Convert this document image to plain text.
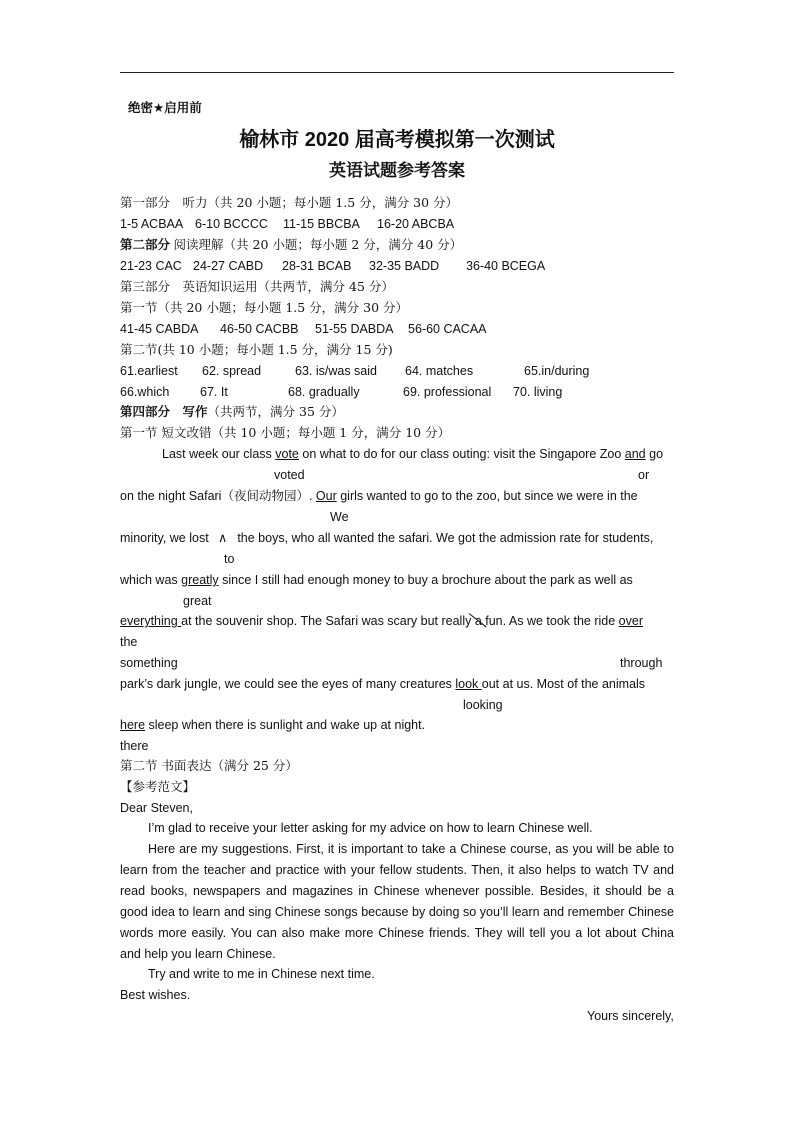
绝密★启用前
榆林市 2020 届高考模拟第一次测试
英语试题参考答案
第一部分　听力（共 20 小题；每小题 1.5 分，满分 30 分）
1-5 ACBAA 6-10 BCCCC 11-15 BBCBA 16-20 ABCBA
第二部分 阅读理解（共 20 小题；每小题 2 分，满分 40 分）
21-23 CAC 24-27 CABD 28-31 BCAB 32-35 BADD 36-40 BCEGA
第三部分　英语知识运用（共两节，满分 45 分）
第一节（共 20 小题；每小题 1.5 分，满分 30 分）
41-45 CABDA 46-50 CACBB 51-55 DABDA 56-60 CACAA
第二节(共 10 小题；每小题 1.5 分，满分 15 分)
61.earliest 62. spread	63. is/was said 64. matches	65.in/during
66.which 67. It	68. gradually	69. professional 70. living
第四部分　写作（共两节，满分 35 分）
第一节 短文改错（共 10 小题；每小题 1 分，满分 10 分）
Last week our class vote on what to do for our class outing: visit the Singapore Zoo and go
voted	or
on the night Safari（夜间动物园）. Our girls wanted to go to the zoo, but since we were in the
We
minority, we lost ∧ the boys, who all wanted the safari. We got the admission rate for students,
to
which was greatly since I still had enough money to buy a brochure about the park as well as
great
everything at the souvenir shop. The Safari was scary but really a fun. As we took the ride over
the
something	through
park’s dark jungle, we could see the eyes of many creatures look out at us. Most of the animals
looking
here sleep when there is sunlight and wake up at night.
there
第二节 书面表达（满分 25 分）
【参考范文】
Dear Steven,

I’m glad to receive your letter asking for my advice on how to learn Chinese well.

Here are my suggestions. First, it is important to take a Chinese course, as you will be able to learn from the teacher and practice with your fellow students. Then, it also helps to watch TV and read books, newspapers and magazines in Chinese whenever possible. Besides, it should be a good idea to learn and sing Chinese songs because by doing so you’ll learn and remember Chinese words more easily. You can also make more Chinese friends. They will tell you a lot about China and help you learn Chinese.

Try and write to me in Chinese next time.

Best wishes.
Yours sincerely,
